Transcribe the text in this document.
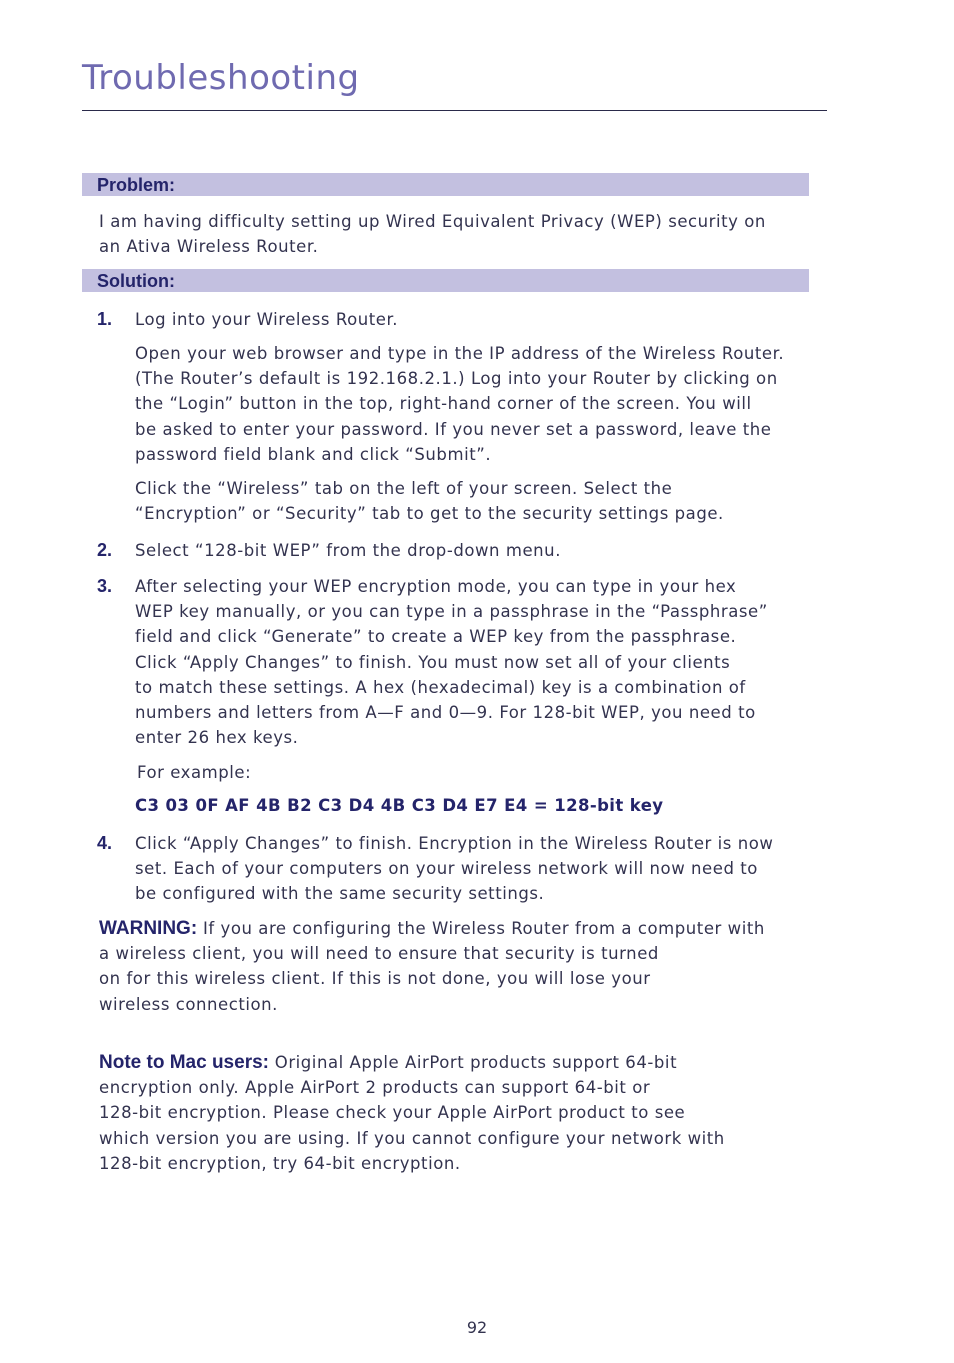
Troubleshooting
Problem:
I am having difficulty setting up Wired Equivalent Privacy (WEP) security on
an Ativa Wireless Router.
Solution:
1. Log into your Wireless Router.
Open your web browser and type in the IP address of the Wireless Router.
(The Router’s default is 192.168.2.1.) Log into your Router by clicking on
the “Login” button in the top, right-hand corner of the screen. You will
be asked to enter your password. If you never set a password, leave the
password field blank and click “Submit”.
Click the “Wireless” tab on the left of your screen. Select the
“Encryption” or “Security” tab to get to the security settings page.
2. Select “128-bit WEP” from the drop-down menu.
3. After selecting your WEP encryption mode, you can type in your hex
WEP key manually, or you can type in a passphrase in the “Passphrase”
field and click “Generate” to create a WEP key from the passphrase.
Click “Apply Changes” to finish. You must now set all of your clients
to match these settings. A hex (hexadecimal) key is a combination of
numbers and letters from A—F and 0—9. For 128-bit WEP, you need to
enter 26 hex keys.
For example:
C3 03 0F AF 4B B2 C3 D4 4B C3 D4 E7 E4 = 128-bit key
4. Click “Apply Changes” to finish. Encryption in the Wireless Router is now
set. Each of your computers on your wireless network will now need to
be configured with the same security settings.
WARNING: If you are configuring the Wireless Router from a computer with
a wireless client, you will need to ensure that security is turned
on for this wireless client. If this is not done, you will lose your
wireless connection.
Note to Mac users: Original Apple AirPort products support 64-bit
encryption only. Apple AirPort 2 products can support 64-bit or
128-bit encryption. Please check your Apple AirPort product to see
which version you are using. If you cannot configure your network with
128-bit encryption, try 64-bit encryption.
92
